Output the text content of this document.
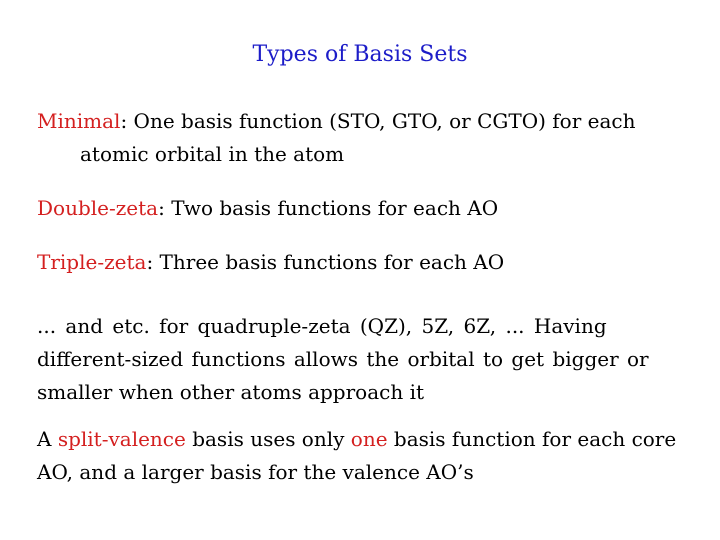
Types of Basis Sets
Minimal: One basis function (STO, GTO, or CGTO) for each
atomic orbital in the atom
Double-zeta: Two basis functions for each AO
Triple-zeta: Three basis functions for each AO
... and etc. for quadruple-zeta (QZ), 5Z, 6Z, ... Having
different-sized functions allows the orbital to get bigger or
smaller when other atoms approach it
A split-valence basis uses only one basis function for each core
AO, and a larger basis for the valence AO’s
